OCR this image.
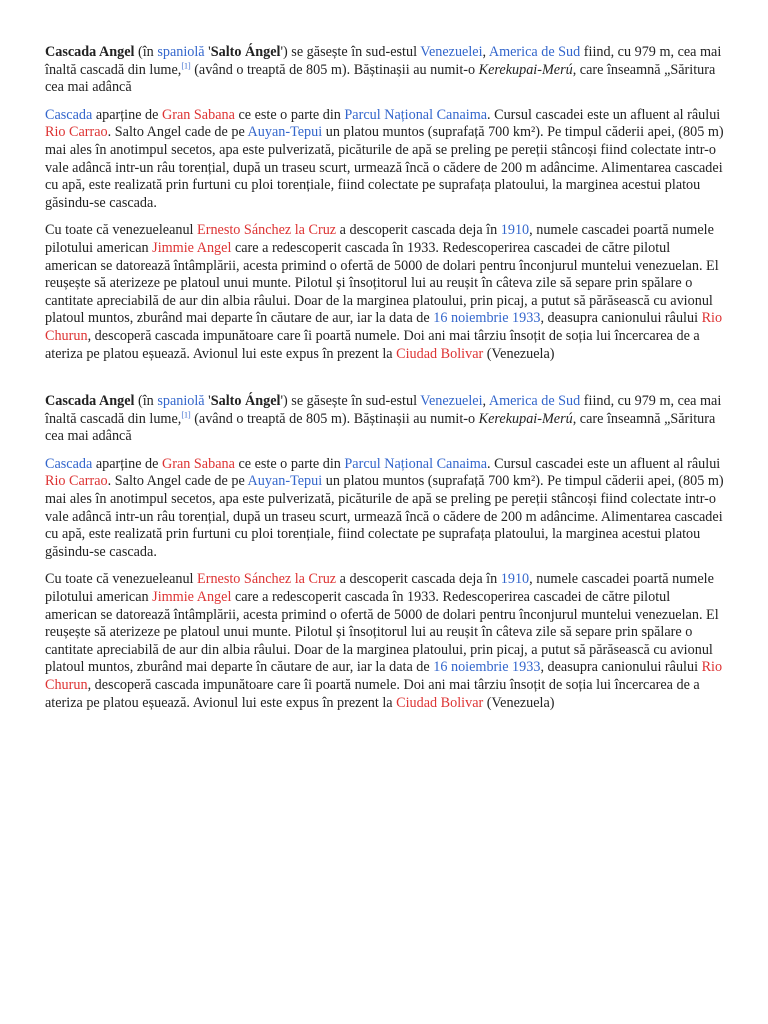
Cascada Angel (în spaniolă 'Salto Ángel') se găsește în sud-estul Venezuelei, America de Sud fiind, cu 979 m, cea mai înaltă cascadă din lume,[1] (având o treaptă de 805 m). Băștinașii au numit-o Kerekupai-Merú, care înseamnă „Săritura cea mai adâncă

Cascada aparține de Gran Sabana ce este o parte din Parcul Național Canaima. Cursul cascadei este un afluent al râului Rio Carrao. Salto Angel cade de pe Auyan-Tepui un platou muntos (suprafață 700 km²). Pe timpul căderii apei, (805 m) mai ales în anotimpul secetos, apa este pulverizată, picăturile de apă se preling pe pereții stâncoși fiind colectate intr-o vale adâncă intr-un râu torențial, după un traseu scurt, urmează încă o cădere de 200 m adâncime. Alimentarea cascadei cu apă, este realizată prin furtuni cu ploi torențiale, fiind colectate pe suprafața platoului, la marginea acestui platou găsindu-se cascada.

Cu toate că venezueleanul Ernesto Sánchez la Cruz a descoperit cascada deja în 1910, numele cascadei poartă numele pilotului american Jimmie Angel care a redescoperit cascada în 1933. Redescoperirea cascadei de către pilotul american se datorează întâmplării, acesta primind o ofertă de 5000 de dolari pentru înconjurul muntelui venezuelan. El reușește să aterizeze pe platoul unui munte. Pilotul și însoțitorul lui au reușit în câteva zile să separe prin spălare o cantitate apreciabilă de aur din albia râului. Doar de la marginea platoului, prin picaj, a putut să părăsească cu avionul platoul muntos, zburând mai departe în căutare de aur, iar la data de 16 noiembrie 1933, deasupra canionului râului Rio Churun, descoperă cascada impunătoare care îi poartă numele. Doi ani mai târziu însoțit de soția lui încercarea de a ateriza pe platou eșuează. Avionul lui este expus în prezent la Ciudad Bolivar (Venezuela)

Cascada Angel (în spaniolă 'Salto Ángel') se găsește în sud-estul Venezuelei, America de Sud fiind, cu 979 m, cea mai înaltă cascadă din lume,[1] (având o treaptă de 805 m). Băștinașii au numit-o Kerekupai-Merú, care înseamnă „Săritura cea mai adâncă

Cascada aparține de Gran Sabana ce este o parte din Parcul Național Canaima. Cursul cascadei este un afluent al râului Rio Carrao. Salto Angel cade de pe Auyan-Tepui un platou muntos (suprafață 700 km²). Pe timpul căderii apei, (805 m) mai ales în anotimpul secetos, apa este pulverizată, picăturile de apă se preling pe pereții stâncoși fiind colectate intr-o vale adâncă intr-un râu torențial, după un traseu scurt, urmează încă o cădere de 200 m adâncime. Alimentarea cascadei cu apă, este realizată prin furtuni cu ploi torențiale, fiind colectate pe suprafața platoului, la marginea acestui platou găsindu-se cascada.

Cu toate că venezueleanul Ernesto Sánchez la Cruz a descoperit cascada deja în 1910, numele cascadei poartă numele pilotului american Jimmie Angel care a redescoperit cascada în 1933. Redescoperirea cascadei de către pilotul american se datorează întâmplării, acesta primind o ofertă de 5000 de dolari pentru înconjurul muntelui venezuelan. El reușește să aterizeze pe platoul unui munte. Pilotul și însoțitorul lui au reușit în câteva zile să separe prin spălare o cantitate apreciabilă de aur din albia râului. Doar de la marginea platoului, prin picaj, a putut să părăsească cu avionul platoul muntos, zburând mai departe în căutare de aur, iar la data de 16 noiembrie 1933, deasupra canionului râului Rio Churun, descoperă cascada impunătoare care îi poartă numele. Doi ani mai târziu însoțit de soția lui încercarea de a ateriza pe platou eșuează. Avionul lui este expus în prezent la Ciudad Bolivar (Venezuela)
